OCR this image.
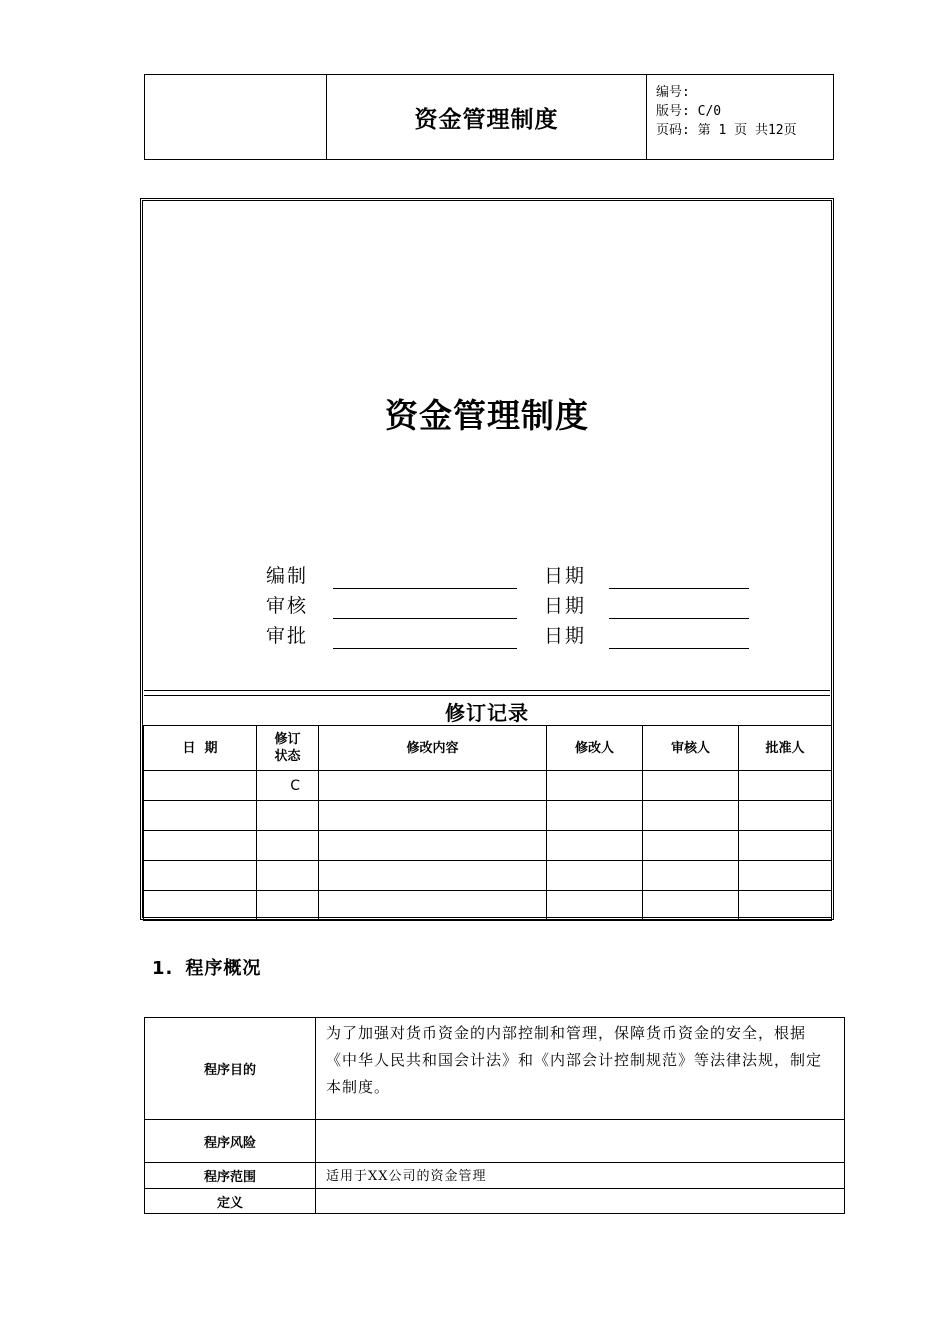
资金管理制度
编号:
版号: C/0
页码: 第 1 页 共12页
资金管理制度
编制	日期
审核	日期
审批	日期
修订记录
日  期	修订状态	修改内容	修改人	审核人	批准人
	C				

1. 程序概况
程序目的	为了加强对货币资金的内部控制和管理，保障货币资金的安全，根据《中华人民共和国会计法》和《内部会计控制规范》等法律法规，制定本制度。
程序风险	
程序范围	适用于XX公司的资金管理
定义	
